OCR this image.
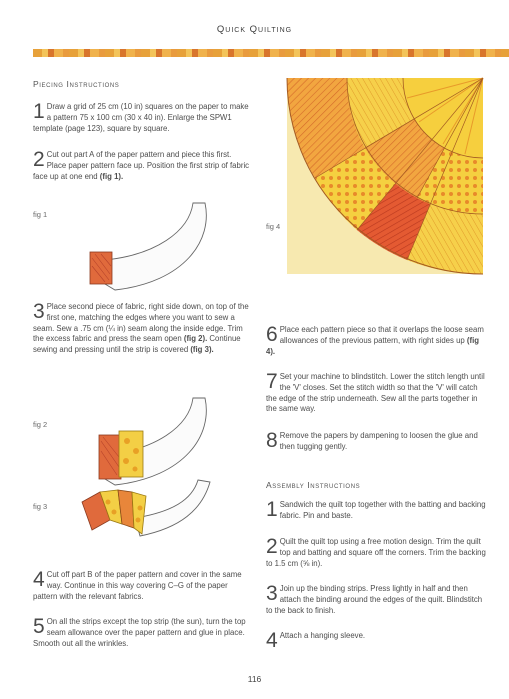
Quick Quilting
Piecing Instructions
1 Draw a grid of 25 cm (10 in) squares on the paper to make a pattern 75 x 100 cm (30 x 40 in). Enlarge the SPW1 template (page 123), square by square.
2 Cut out part A of the paper pattern and piece this first. Place paper pattern face up. Position the first strip of fabric face up at one end (fig 1).
fig 1
3 Place second piece of fabric, right side down, on top of the first one, matching the edges where you want to sew a seam. Sew a .75 cm (¼ in) seam along the inside edge. Trim the excess fabric and press the seam open (fig 2). Continue sewing and pressing until the strip is covered (fig 3).
fig 2
fig 3
4 Cut off part B of the paper pattern and cover in the same way. Continue in this way covering C–G of the paper pattern with the relevant fabrics.
5 On all the strips except the top strip (the sun), turn the top seam allowance over the paper pattern and glue in place. Smooth out all the wrinkles.
fig 4
6 Place each pattern piece so that it overlaps the loose seam allowances of the previous pattern, with right sides up (fig 4).
7 Set your machine to blindstitch. Lower the stitch length until the 'V' closes. Set the stitch width so that the 'V' will catch the edge of the strip underneath. Sew all the parts together in the same way.
8 Remove the papers by dampening to loosen the glue and then tugging gently.
Assembly Instructions
1 Sandwich the quilt top together with the batting and backing fabric. Pin and baste.
2 Quilt the quilt top using a free motion design. Trim the quilt top and batting and square off the corners. Trim the backing to 1.5 cm (⅝ in).
3 Join up the binding strips. Press lightly in half and then attach the binding around the edges of the quilt. Blindstitch to the back to finish.
4 Attach a hanging sleeve.
116
